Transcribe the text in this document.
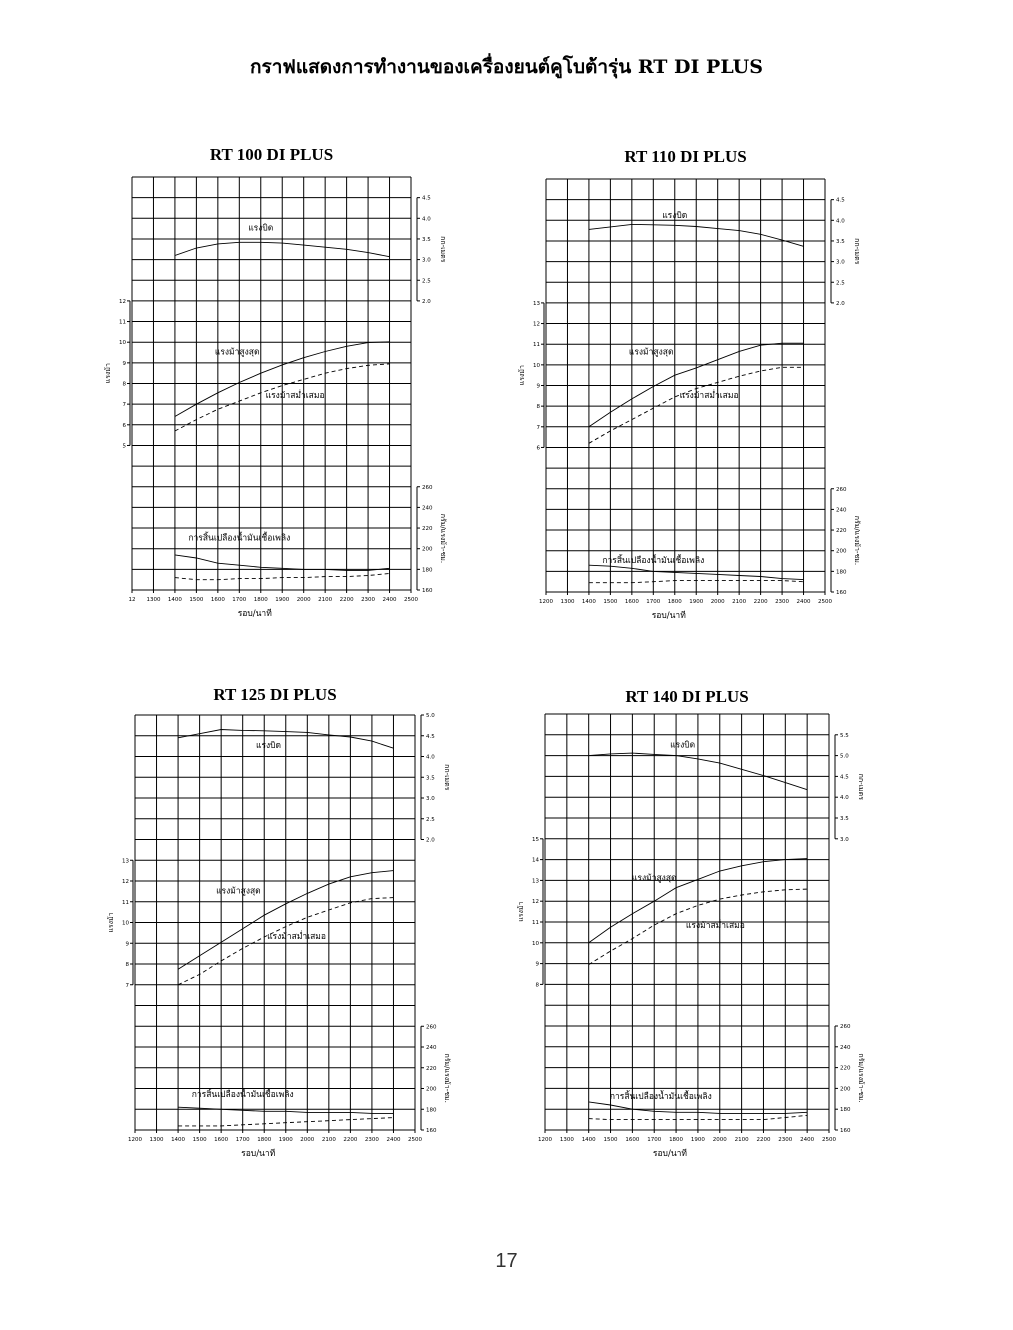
กราฟแสดงการทำงานของเครื่องยนต์คูโบต้ารุ่น RT DI PLUS
RT 100 DI PLUS
12 1300 1400 1500 1600 1700 1800 1900 2000 2100 2200 2300 2400 2500
รอบ/นาที
2.0
2.5
3.0
3.5
4.0
4.5
กก-เมตร
160
180
200
220
240
260
กรัม/แรงม้า-ชม.
5
6
7
8
9
10
11
12
แรงม้า
แรงบิด
แรงม้าสูงสุด
แรงม้าสม่ำเสมอ
การสิ้นเปลืองน้ำมันเชื้อเพลิง
RT 110 DI PLUS
1200 1300 1400 1500 1600 1700 1800 1900 2000 2100 2200 2300 2400 2500
รอบ/นาที
2.0
2.5
3.0
3.5
4.0
4.5
กก-เมตร
160
180
200
220
240
260
กรัม/แรงม้า-ชม.
6
7
8
9
10
11
12
13
แรงม้า
แรงบิด
แรงม้าสูงสุด
แรงม้าสม่ำเสมอ
การสิ้นเปลืองน้ำมันเชื้อเพลิง
RT 125 DI PLUS
1200 1300 1400 1500 1600 1700 1800 1900 2000 2100 2200 2300 2400 2500
รอบ/นาที
2.0
2.5
3.0
3.5
4.0
4.5
5.0
กก-เมตร
160
180
200
220
240
260
กรัม/แรงม้า-ชม.
7
8
9
10
11
12
13
แรงม้า
แรงบิด
แรงม้าสูงสุด
แรงม้าสม่ำเสมอ
การสิ้นเปลืองน้ำมันเชื้อเพลิง
RT 140 DI PLUS
1200 1300 1400 1500 1600 1700 1800 1900 2000 2100 2200 2300 2400 2500
รอบ/นาที
3.0
3.5
4.0
4.5
5.0
5.5
กก-เมตร
160
180
200
220
240
260
กรัม/แรงม้า-ชม.
8
9
10
11
12
13
14
15
แรงม้า
แรงบิด
แรงม้าสูงสุด
แรงม้าสม่ำเสมอ
การสิ้นเปลืองน้ำมันเชื้อเพลิง
17
